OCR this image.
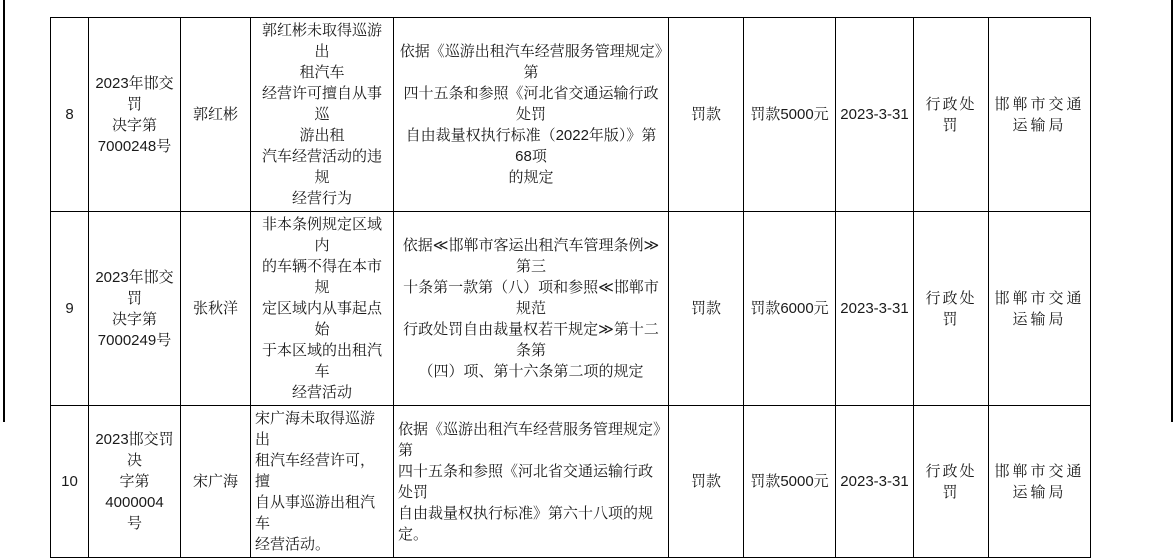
8	2023年邯交罚
决字第
7000248号	郭红彬	郭红彬未取得巡游出
租汽车
经营许可擅自从事巡
游出租
汽车经营活动的违规
经营行为	依据《巡游出租汽车经营服务管理规定》第
四十五条和参照《河北省交通运输行政处罚
自由裁量权执行标准（2022年版）》第68项
的规定	罚款	罚款5000元	2023-3-31	行政处罚	邯郸市交通
运输局
9	2023年邯交罚
决字第
7000249号	张秋洋	非本条例规定区域内
的车辆不得在本市规
定区域内从事起点始
于本区域的出租汽车
经营活动	依据≪邯郸市客运出租汽车管理条例≫第三
十条第一款第（八）项和参照≪邯郸市规范
行政处罚自由裁量权若干规定≫第十二条第
（四）项、第十六条第二项的规定	罚款	罚款6000元	2023-3-31	行政处罚	邯郸市交通
运输局
10	2023邯交罚决
字第4000004
号	宋广海	宋广海未取得巡游出
租汽车经营许可，擅
自从事巡游出租汽车
经营活动。	依据《巡游出租汽车经营服务管理规定》第
四十五条和参照《河北省交通运输行政处罚
自由裁量权执行标准》第六十八项的规定。	罚款	罚款5000元	2023-3-31	行政处罚	邯郸市交通
运输局
